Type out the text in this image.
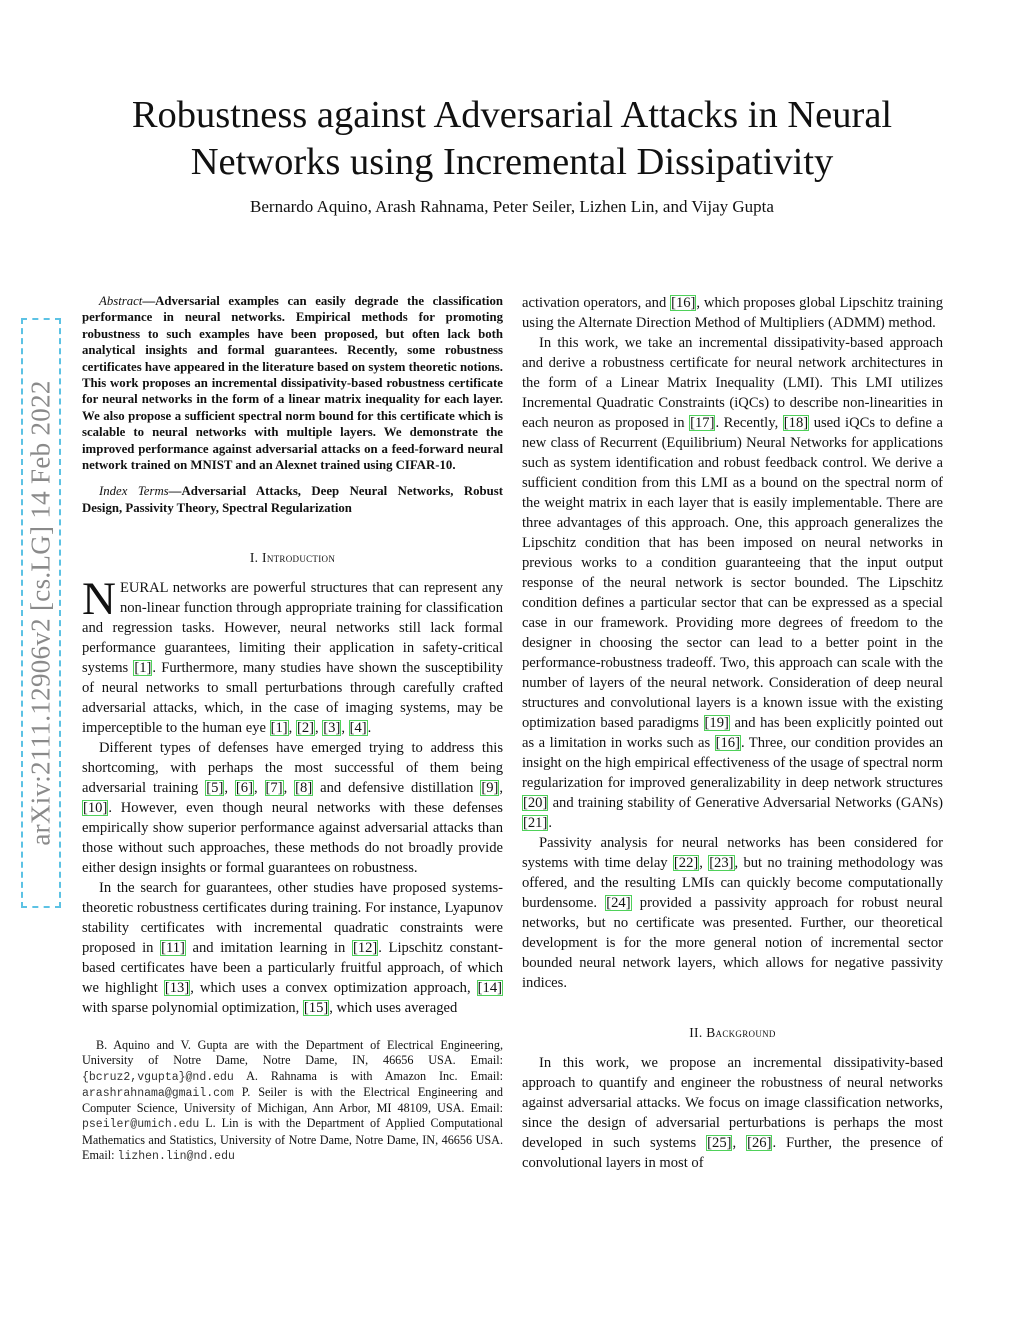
Robustness against Adversarial Attacks in Neural Networks using Incremental Dissipativity
Bernardo Aquino, Arash Rahnama, Peter Seiler, Lizhen Lin, and Vijay Gupta
arXiv:2111.12906v2 [cs.LG] 14 Feb 2022

Abstract—Adversarial examples can easily degrade the classification performance in neural networks. Empirical methods for promoting robustness to such examples have been proposed, but often lack both analytical insights and formal guarantees. Recently, some robustness certificates have appeared in the literature based on system theoretic notions. This work proposes an incremental dissipativity-based robustness certificate for neural networks in the form of a linear matrix inequality for each layer. We also propose a sufficient spectral norm bound for this certificate which is scalable to neural networks with multiple layers. We demonstrate the improved performance against adversarial attacks on a feed-forward neural network trained on MNIST and an Alexnet trained using CIFAR-10.

Index Terms—Adversarial Attacks, Deep Neural Networks, Robust Design, Passivity Theory, Spectral Regularization

I. Introduction

NEURAL networks are powerful structures that can represent any non-linear function through appropriate training for classification and regression tasks. However, neural networks still lack formal performance guarantees, limiting their application in safety-critical systems [1]. Furthermore, many studies have shown the susceptibility of neural networks to small perturbations through carefully crafted adversarial attacks, which, in the case of imaging systems, may be imperceptible to the human eye [1], [2], [3], [4].

Different types of defenses have emerged trying to address this shortcoming, with perhaps the most successful of them being adversarial training [5], [6], [7], [8] and defensive distillation [9], [10]. However, even though neural networks with these defenses empirically show superior performance against adversarial attacks than those without such approaches, these methods do not broadly provide either design insights or formal guarantees on robustness.

In the search for guarantees, other studies have proposed systems-theoretic robustness certificates during training. For instance, Lyapunov stability certificates with incremental quadratic constraints were proposed in [11] and imitation learning in [12]. Lipschitz constant-based certificates have been a particularly fruitful approach, of which we highlight [13], which uses a convex optimization approach, [14] with sparse polynomial optimization, [15], which uses averaged

B. Aquino and V. Gupta are with the Department of Electrical Engineering, University of Notre Dame, Notre Dame, IN, 46656 USA. Email: {bcruz2,vgupta}@nd.edu A. Rahnama is with Amazon Inc. Email: arashrahnama@gmail.com P. Seiler is with the Electrical Engineering and Computer Science, University of Michigan, Ann Arbor, MI 48109, USA. Email: pseiler@umich.edu L. Lin is with the Department of Applied Computational Mathematics and Statistics, University of Notre Dame, Notre Dame, IN, 46656 USA. Email: lizhen.lin@nd.edu

activation operators, and [16], which proposes global Lipschitz training using the Alternate Direction Method of Multipliers (ADMM) method.

In this work, we take an incremental dissipativity-based approach and derive a robustness certificate for neural network architectures in the form of a Linear Matrix Inequality (LMI). This LMI utilizes Incremental Quadratic Constraints (iQCs) to describe non-linearities in each neuron as proposed in [17]. Recently, [18] used iQCs to define a new class of Recurrent (Equilibrium) Neural Networks for applications such as system identification and robust feedback control. We derive a sufficient condition from this LMI as a bound on the spectral norm of the weight matrix in each layer that is easily implementable. There are three advantages of this approach. One, this approach generalizes the Lipschitz condition that has been imposed on neural networks in previous works to a condition guaranteeing that the input output response of the neural network is sector bounded. The Lipschitz condition defines a particular sector that can be expressed as a special case in our framework. Providing more degrees of freedom to the designer in choosing the sector can lead to a better point in the performance-robustness tradeoff. Two, this approach can scale with the number of layers of the neural network. Consideration of deep neural structures and convolutional layers is a known issue with the existing optimization based paradigms [19] and has been explicitly pointed out as a limitation in works such as [16]. Three, our condition provides an insight on the high empirical effectiveness of the usage of spectral norm regularization for improved generalizability in deep network structures [20] and training stability of Generative Adversarial Networks (GANs) [21].

Passivity analysis for neural networks has been considered for systems with time delay [22], [23], but no training methodology was offered, and the resulting LMIs can quickly become computationally burdensome. [24] provided a passivity approach for robust neural networks, but no certificate was presented. Further, our theoretical development is for the more general notion of incremental sector bounded neural network layers, which allows for negative passivity indices.

II. Background

In this work, we propose an incremental dissipativity-based approach to quantify and engineer the robustness of neural networks against adversarial attacks. We focus on image classification networks, since the design of adversarial perturbations is perhaps the most developed in such systems [25], [26]. Further, the presence of convolutional layers in most of
